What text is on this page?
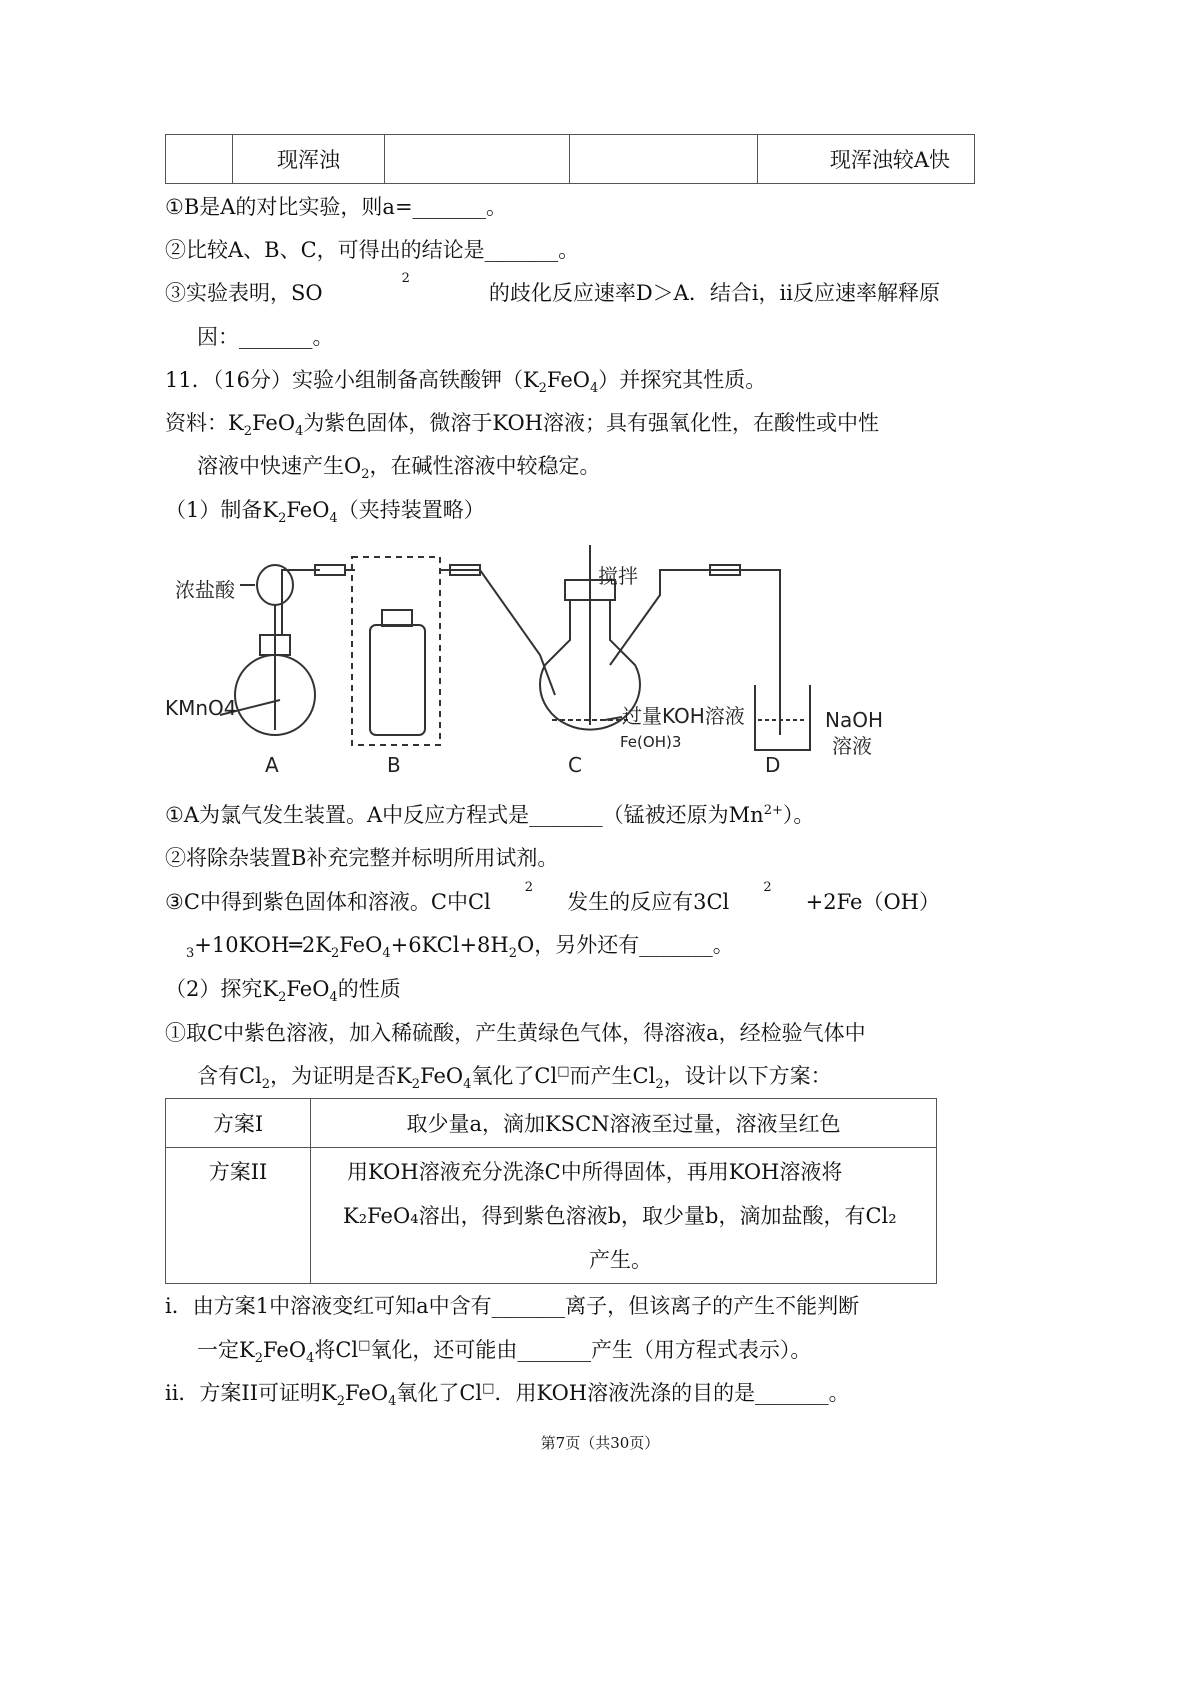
	现浑浊			现浑浊较A快
①B是A的对比实验，则a=_______。
②比较A、B、C，可得出的结论是_______。
③实验表明，SO
2
的歧化反应速率D＞A．结合i，ii反应速率解释原
因：_______。
11．（16分）实验小组制备高铁酸钾$(K_2FeO_4)$并探究其性质。
资料：$K_2FeO_4$为紫色固体，微溶于KOH溶液；具有强氧化性，在酸性或中性
溶液中快速产生$O_2$，在碱性溶液中较稳定。
（1）制备$K_2FeO_4$（夹持装置略）
①A为氯气发生装置。A中反应方程式是_______（锰被还原为$Mn^{2+}$）。
②将除杂装置B补充完整并标明所用试剂。
③C中得到紫色固体和溶液。C中Cl
2
发生的反应有3Cl
2
+2Fe（OH）
$_3+10KOH═2K_2FeO_4+6KCl+8H_2O$，另外还有_______。
（2）探究$K_2FeO_4$的性质
①取C中紫色溶液，加入稀硫酸，产生黄绿色气体，得溶液a，经检验气体中
含有$Cl_2$，为证明是否$K_2FeO_4$氧化了Cl□而产生$Cl_2$，设计以下方案：
i．由方案1中溶液变红可知a中含有_______离子，但该离子的产生不能判断
一定$K_2FeO_4$将Cl□氧化，还可能由_______产生（用方程式表示）。
ii．方案II可证明$K_2FeO_4$氧化了Cl□．用KOH溶液洗涤的目的是_______。
浓盐酸
KMnO4
搅拌
过量KOH溶液
Fe(OH)3
NaOH
溶液
A	B	C	D
方案I	取少量a，滴加KSCN溶液至过量，溶液呈红色
方案II	用KOH溶液充分洗涤C中所得固体，再用KOH溶液将
K₂FeO₄溶出，得到紫色溶液b，取少量b，滴加盐酸，有Cl₂
产生。
第7页（共30页）
